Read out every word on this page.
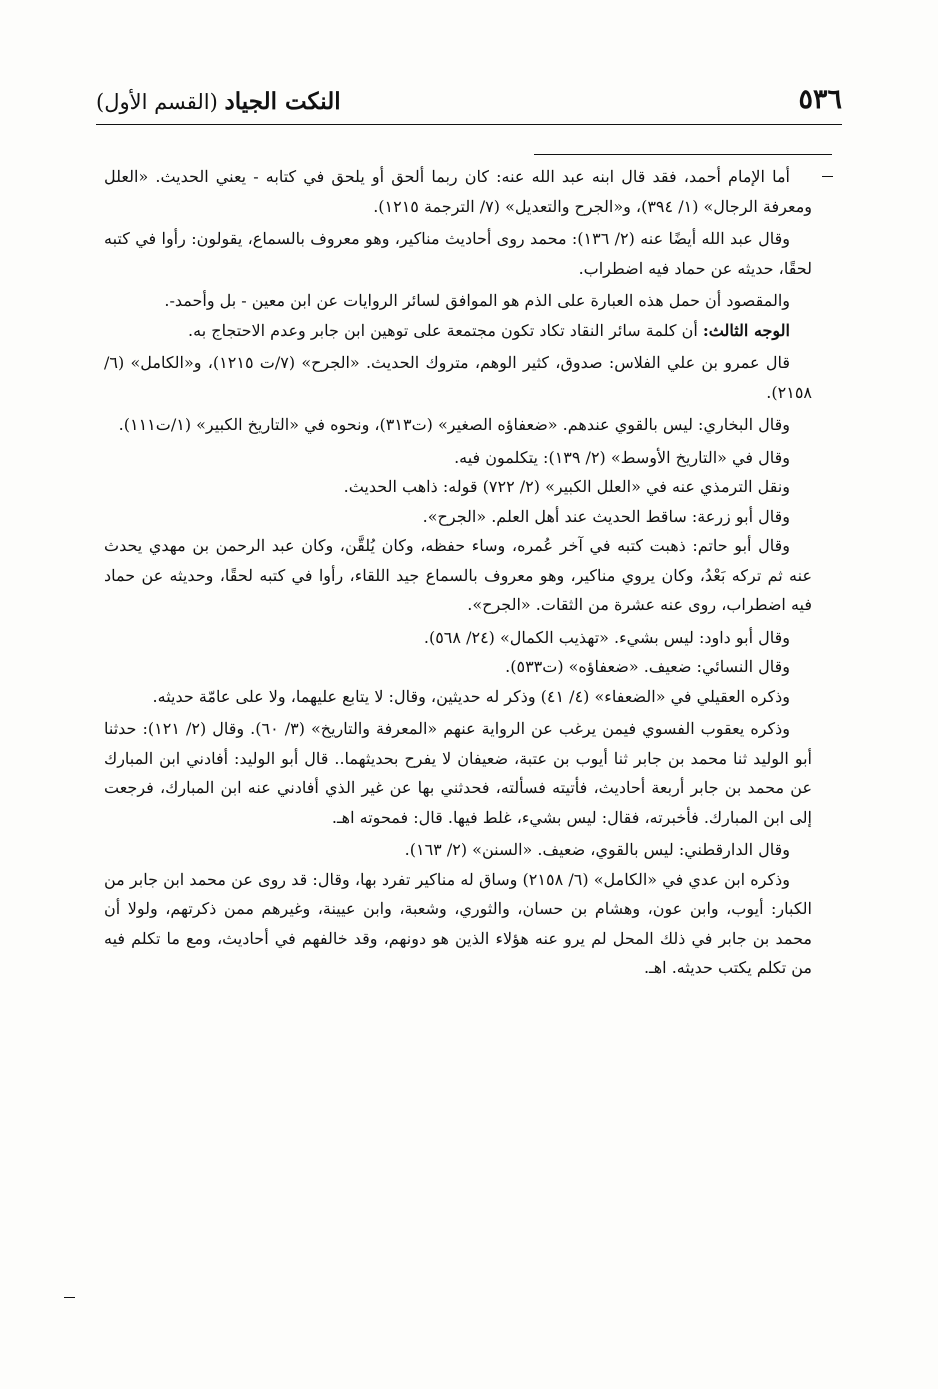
٥٣٦
النكت الجياد (القسم الأول)

أما الإمام أحمد، فقد قال ابنه عبد الله عنه: كان ربما ألحق أو يلحق في كتابه - يعني الحديث. «العلل ومعرفة الرجال» (١/ ٣٩٤)، و«الجرح والتعديل» (٧/ الترجمة ١٢١٥).

وقال عبد الله أيضًا عنه (٢/ ١٣٦): محمد روى أحاديث مناكير، وهو معروف بالسماع، يقولون: رأوا في كتبه لحقًا، حديثه عن حماد فيه اضطراب.

والمقصود أن حمل هذه العبارة على الذم هو الموافق لسائر الروايات عن ابن معين - بل وأحمد-.

الوجه الثالث: أن كلمة سائر النقاد تكاد تكون مجتمعة على توهين ابن جابر وعدم الاحتجاج به.

قال عمرو بن علي الفلاس: صدوق، كثير الوهم، متروك الحديث. «الجرح» (٧/ت ١٢١٥)، و«الكامل» (٦/ ٢١٥٨).

وقال البخاري: ليس بالقوي عندهم. «ضعفاؤه الصغير» (ت٣١٣)، ونحوه في «التاريخ الكبير» (١/ت١١١).

وقال في «التاريخ الأوسط» (٢/ ١٣٩): يتكلمون فيه.

ونقل الترمذي عنه في «العلل الكبير» (٢/ ٧٢٢) قوله: ذاهب الحديث.

وقال أبو زرعة: ساقط الحديث عند أهل العلم. «الجرح».

وقال أبو حاتم: ذهبت كتبه في آخر عُمره، وساء حفظه، وكان يُلقَّن، وكان عبد الرحمن بن مهدي يحدث عنه ثم تركه بَعْدُ، وكان يروي مناكير، وهو معروف بالسماع جيد اللقاء، رأوا في كتبه لحقًا، وحديثه عن حماد فيه اضطراب، روى عنه عشرة من الثقات. «الجرح».

وقال أبو داود: ليس بشيء. «تهذيب الكمال» (٢٤/ ٥٦٨).

وقال النسائي: ضعيف. «ضعفاؤه» (ت٥٣٣).

وذكره العقيلي في «الضعفاء» (٤/ ٤١) وذكر له حديثين، وقال: لا يتابع عليهما، ولا على عامّة حديثه.

وذكره يعقوب الفسوي فيمن يرغب عن الرواية عنهم «المعرفة والتاريخ» (٣/ ٦٠). وقال (٢/ ١٢١): حدثنا أبو الوليد ثنا محمد بن جابر ثنا أيوب بن عتبة، ضعيفان لا يفرح بحديثهما.. قال أبو الوليد: أفادني ابن المبارك عن محمد بن جابر أربعة أحاديث، فأتيته فسألته، فحدثني بها عن غير الذي أفادني عنه ابن المبارك، فرجعت إلى ابن المبارك. فأخبرته، فقال: ليس بشيء، غلط فيها. قال: فمحوته اهـ.

وقال الدارقطني: ليس بالقوي، ضعيف. «السنن» (٢/ ١٦٣).

وذكره ابن عدي في «الكامل» (٦/ ٢١٥٨) وساق له مناكير تفرد بها، وقال: قد روى عن محمد ابن جابر من الكبار: أيوب، وابن عون، وهشام بن حسان، والثوري، وشعبة، وابن عيينة، وغيرهم ممن ذكرتهم، ولولا أن محمد بن جابر في ذلك المحل لم يرو عنه هؤلاء الذين هو دونهم، وقد خالفهم في أحاديث، ومع ما تكلم فيه من تكلم يكتب حديثه. اهـ.
